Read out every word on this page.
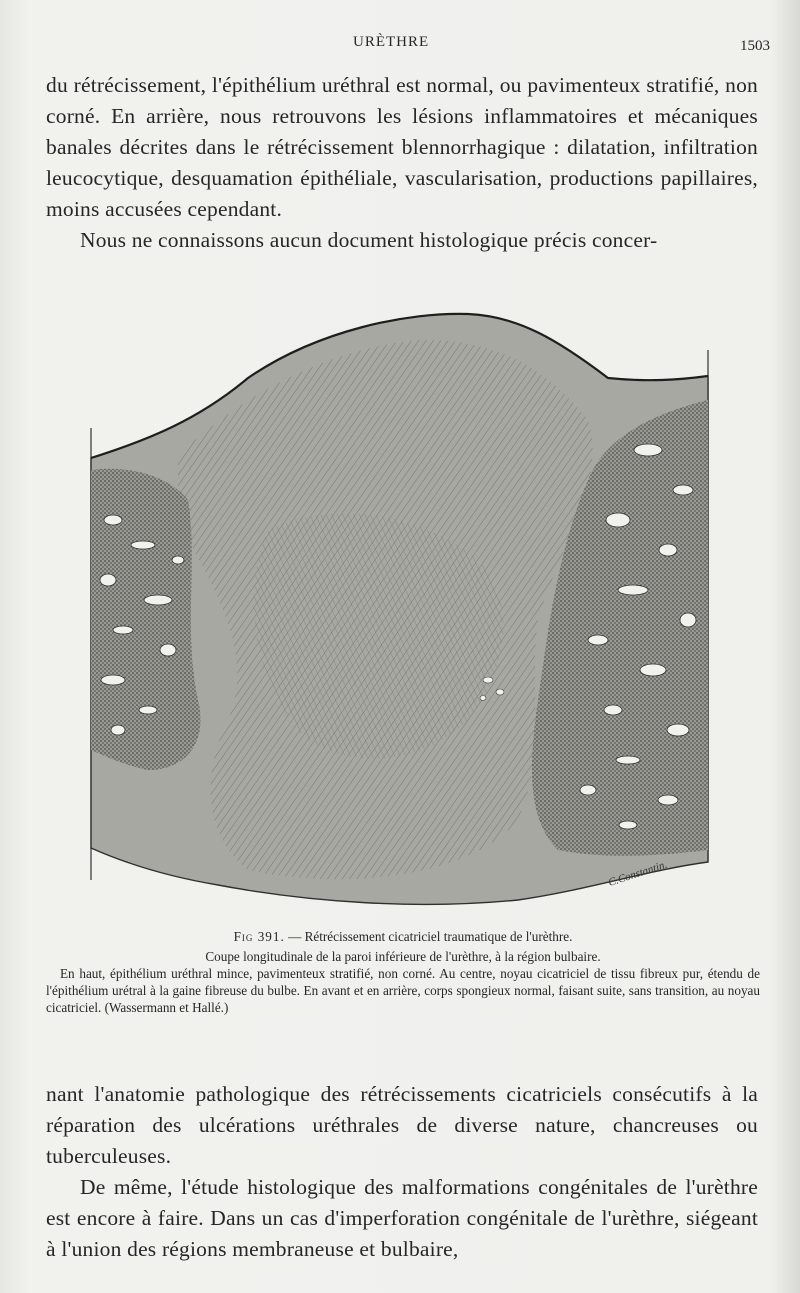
URÈTHRE	1503

du rétrécissement, l'épithélium uréthral est normal, ou pavimenteux stratifié, non corné. En arrière, nous retrouvons les lésions inflammatoires et mécaniques banales décrites dans le rétrécissement blennorrhagique : dilatation, infiltration leucocytique, desquamation épithéliale, vascularisation, productions papillaires, moins accusées cependant.

Nous ne connaissons aucun document histologique précis concer-

C.Constantin.

Fig 391. — Rétrécissement cicatriciel traumatique de l'urèthre.

Coupe longitudinale de la paroi inférieure de l'urèthre, à la région bulbaire.

En haut, épithélium uréthral mince, pavimenteux stratifié, non corné. Au centre, noyau cicatriciel de tissu fibreux pur, étendu de l'épithélium urétral à la gaine fibreuse du bulbe. En avant et en arrière, corps spongieux normal, faisant suite, sans transition, au noyau cicatriciel. (Wassermann et Hallé.)

nant l'anatomie pathologique des rétrécissements cicatriciels consécutifs à la réparation des ulcérations uréthrales de diverse nature, chancreuses ou tuberculeuses.

De même, l'étude histologique des malformations congénitales de l'urèthre est encore à faire. Dans un cas d'imperforation congénitale de l'urèthre, siégeant à l'union des régions membraneuse et bulbaire,
